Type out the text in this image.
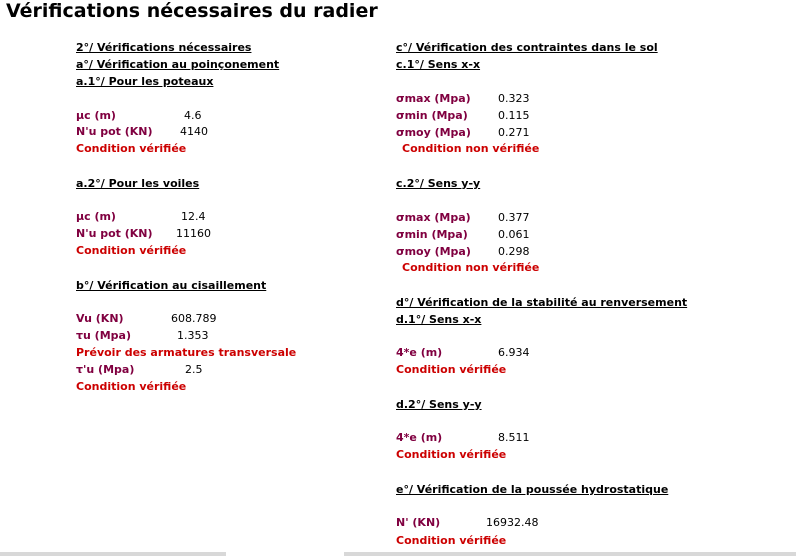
Vérifications nécessaires du radier
2°/ Vérifications nécessaires
a°/ Vérification au poinçonement
a.1°/ Pour les poteaux
µc (m)	4.6
N'u pot (KN) 4140
Condition vérifiée
a.2°/ Pour les voiles
µc (m)	12.4
N'u pot (KN) 11160
Condition vérifiée
b°/ Vérification au cisaillement
Vu (KN)	608.789
τu (Mpa)	1.353
Prévoir des armatures transversale
τ'u (Mpa)	2.5
Condition vérifiée
c°/ Vérification des contraintes dans le sol
c.1°/ Sens x-x
σmax (Mpa) 0.323
σmin (Mpa)	0.115
σmoy (Mpa) 0.271
Condition non vérifiée
c.2°/ Sens y-y
σmax (Mpa) 0.377
σmin (Mpa)	0.061
σmoy (Mpa) 0.298
Condition non vérifiée
d°/ Vérification de la stabilité au renversement
d.1°/ Sens x-x
4*e (m)	6.934
Condition vérifiée
d.2°/ Sens y-y
4*e (m)	8.511
Condition vérifiée
e°/ Vérification de la poussée hydrostatique
N' (KN)	16932.48
Condition vérifiée
